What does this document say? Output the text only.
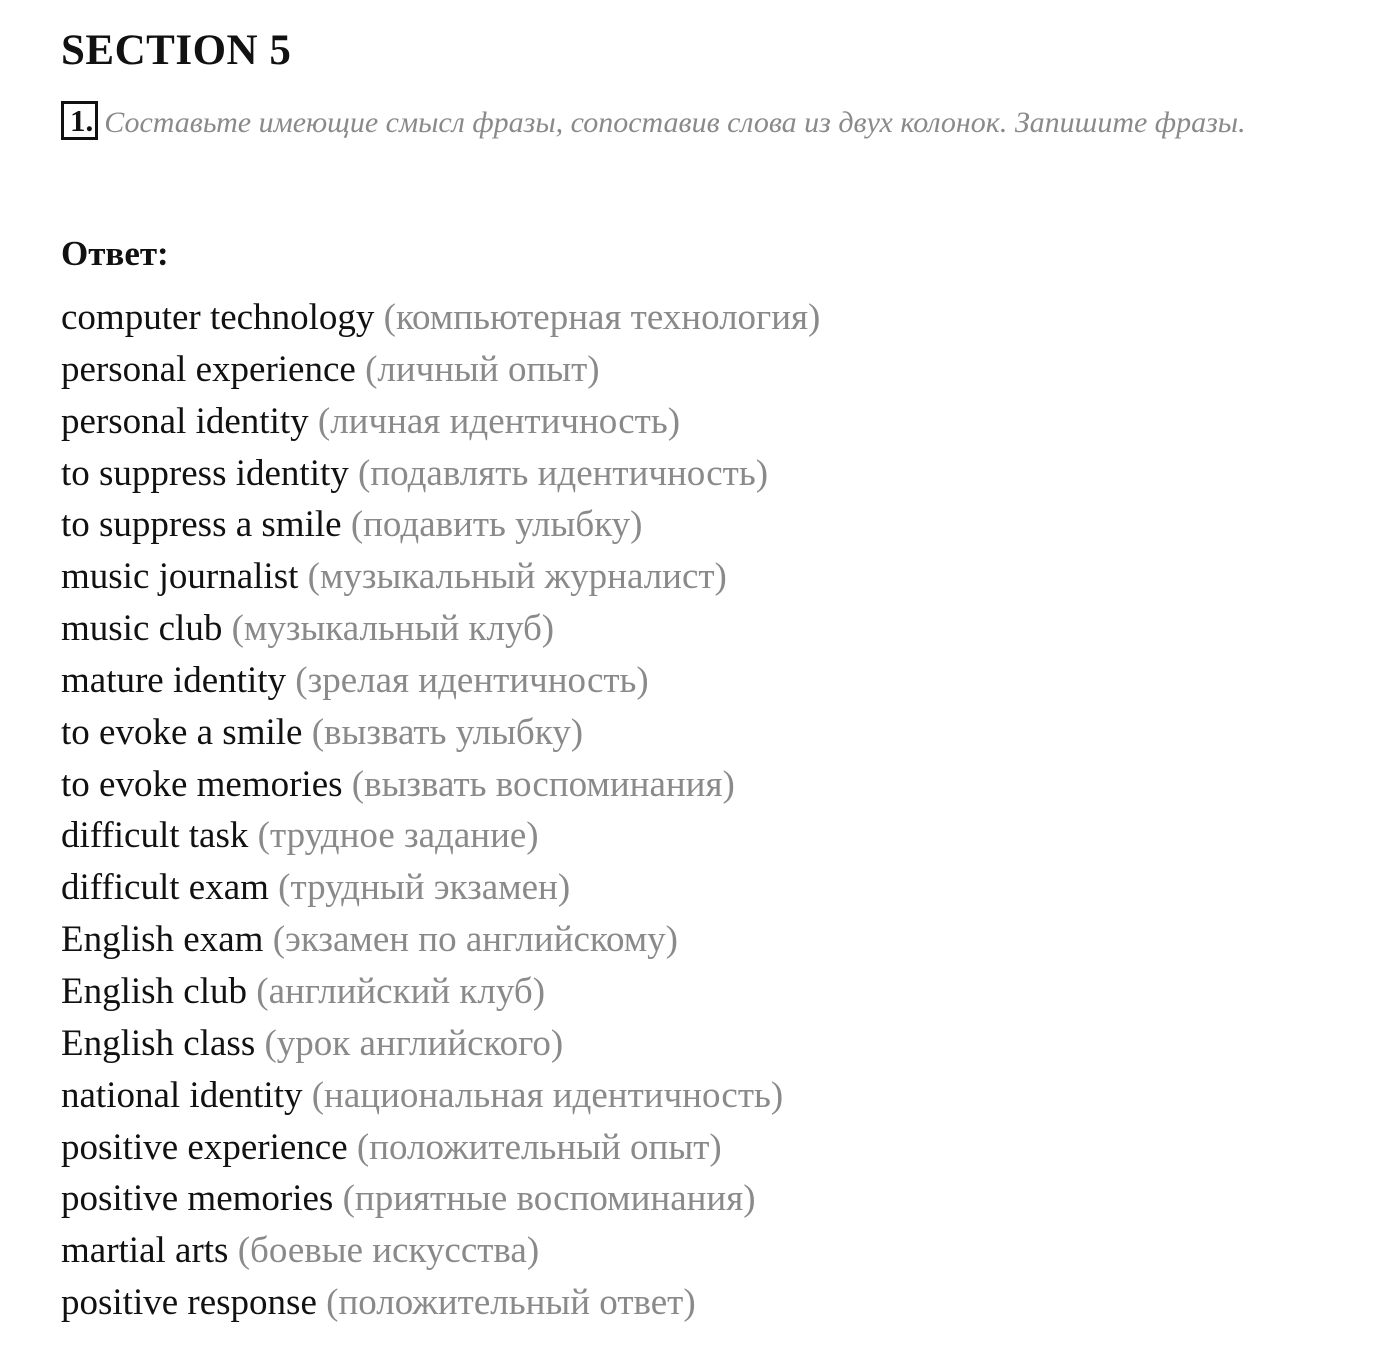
SECTION 5
1. Составьте имеющие смысл фразы, сопоставив слова из двух колонок. Запишите фразы.
Ответ:
computer technology (компьютерная технология)
personal experience (личный опыт)
personal identity (личная идентичность)
to suppress identity (подавлять идентичность)
to suppress a smile (подавить улыбку)
music journalist (музыкальный журналист)
music club (музыкальный клуб)
mature identity (зрелая идентичность)
to evoke a smile (вызвать улыбку)
to evoke memories (вызвать воспоминания)
difficult task (трудное задание)
difficult exam (трудный экзамен)
English exam (экзамен по английскому)
English club (английский клуб)
English class (урок английского)
national identity (национальная идентичность)
positive experience (положительный опыт)
positive memories (приятные воспоминания)
martial arts (боевые искусства)
positive response (положительный ответ)
